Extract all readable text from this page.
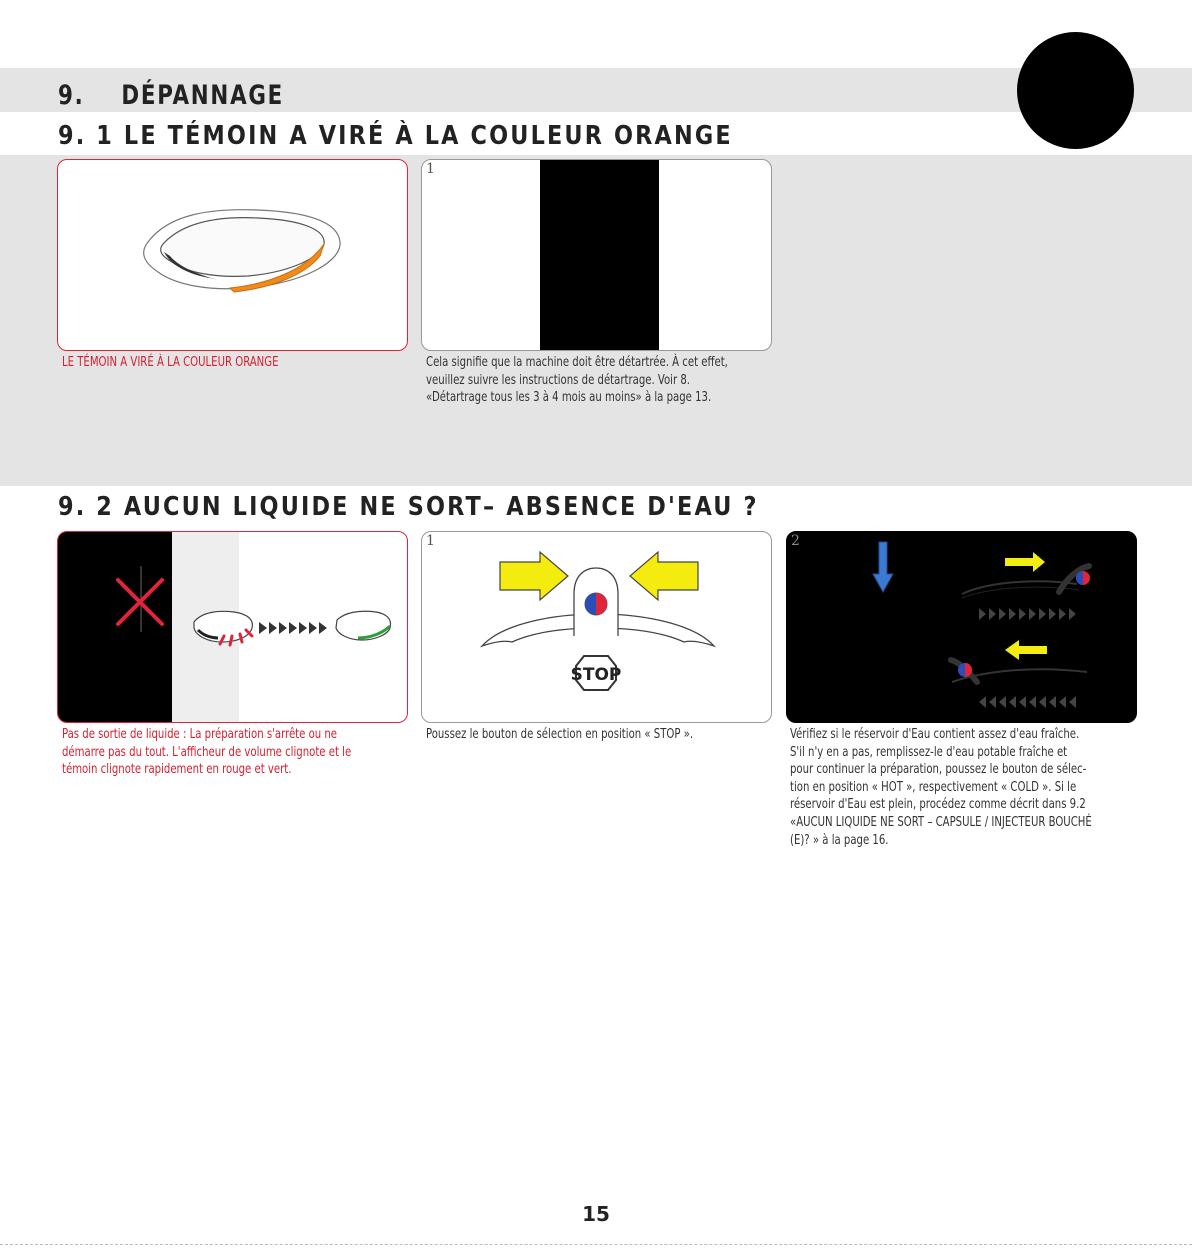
9. DÉPANNAGE
9. 1 LE TÉMOIN A VIRÉ À LA COULEUR ORANGE
1

LE TÉMOIN A VIRÉ À LA COULEUR ORANGE	Cela signifie que la machine doit être détartrée. À cet effet,
veuillez suivre les instructions de détartrage. Voir 8.
«Détartrage tous les 3 à 4 mois au moins» à la page 13.

9. 2 AUCUN LIQUIDE NE SORT– ABSENCE D'EAU ?
1
STOP
2

Pas de sortie de liquide : La préparation s'arrête ou ne
démarre pas du tout. L'afficheur de volume clignote et le
témoin clignote rapidement en rouge et vert.

Poussez le bouton de sélection en position « STOP ».	Vérifiez si le réservoir d'Eau contient assez d'eau fraîche.
S'il n'y en a pas, remplissez-le d'eau potable fraîche et
pour continuer la préparation, poussez le bouton de sélec-
tion en position « HOT », respectivement « COLD ». Si le
réservoir d'Eau est plein, procédez comme décrit dans 9.2
«AUCUN LIQUIDE NE SORT – CAPSULE / INJECTEUR BOUCHÉ
(E)? » à la page 16.

15
